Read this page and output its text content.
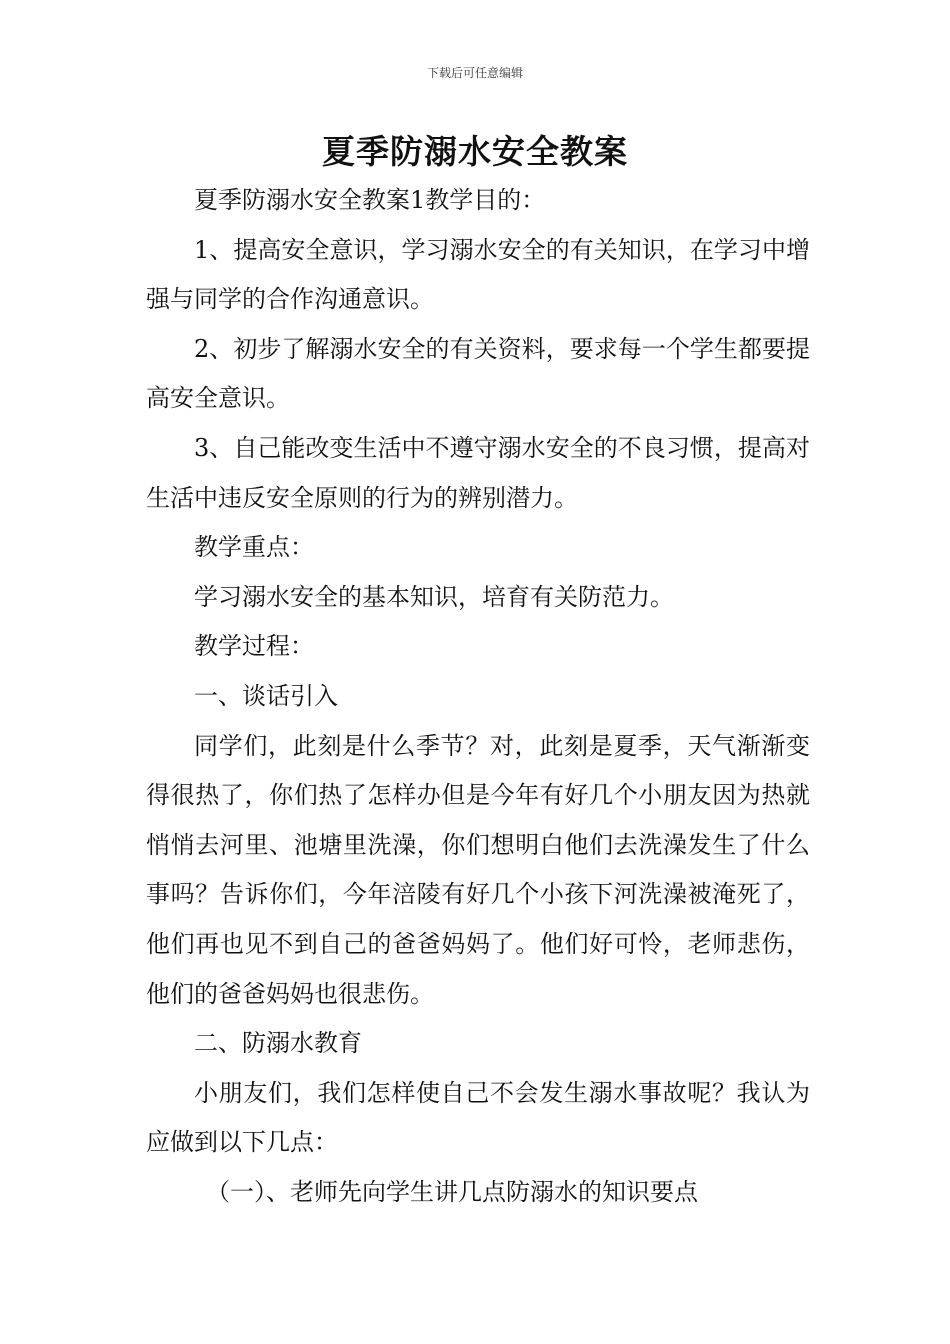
下载后可任意编辑
夏季防溺水安全教案

夏季防溺水安全教案1教学目的：

1、提高安全意识，学习溺水安全的有关知识，在学习中增强与同学的合作沟通意识。

2、初步了解溺水安全的有关资料，要求每一个学生都要提高安全意识。

3、自己能改变生活中不遵守溺水安全的不良习惯，提高对生活中违反安全原则的行为的辨别潜力。

教学重点：

学习溺水安全的基本知识，培育有关防范力。

教学过程：

一、谈话引入

同学们，此刻是什么季节？对，此刻是夏季，天气渐渐变得很热了，你们热了怎样办但是今年有好几个小朋友因为热就悄悄去河里、池塘里洗澡，你们想明白他们去洗澡发生了什么事吗？告诉你们，今年涪陵有好几个小孩下河洗澡被淹死了，他们再也见不到自己的爸爸妈妈了。他们好可怜，老师悲伤，他们的爸爸妈妈也很悲伤。

二、防溺水教育

小朋友们，我们怎样使自己不会发生溺水事故呢？我认为应做到以下几点：

（一）、老师先向学生讲几点防溺水的知识要点
